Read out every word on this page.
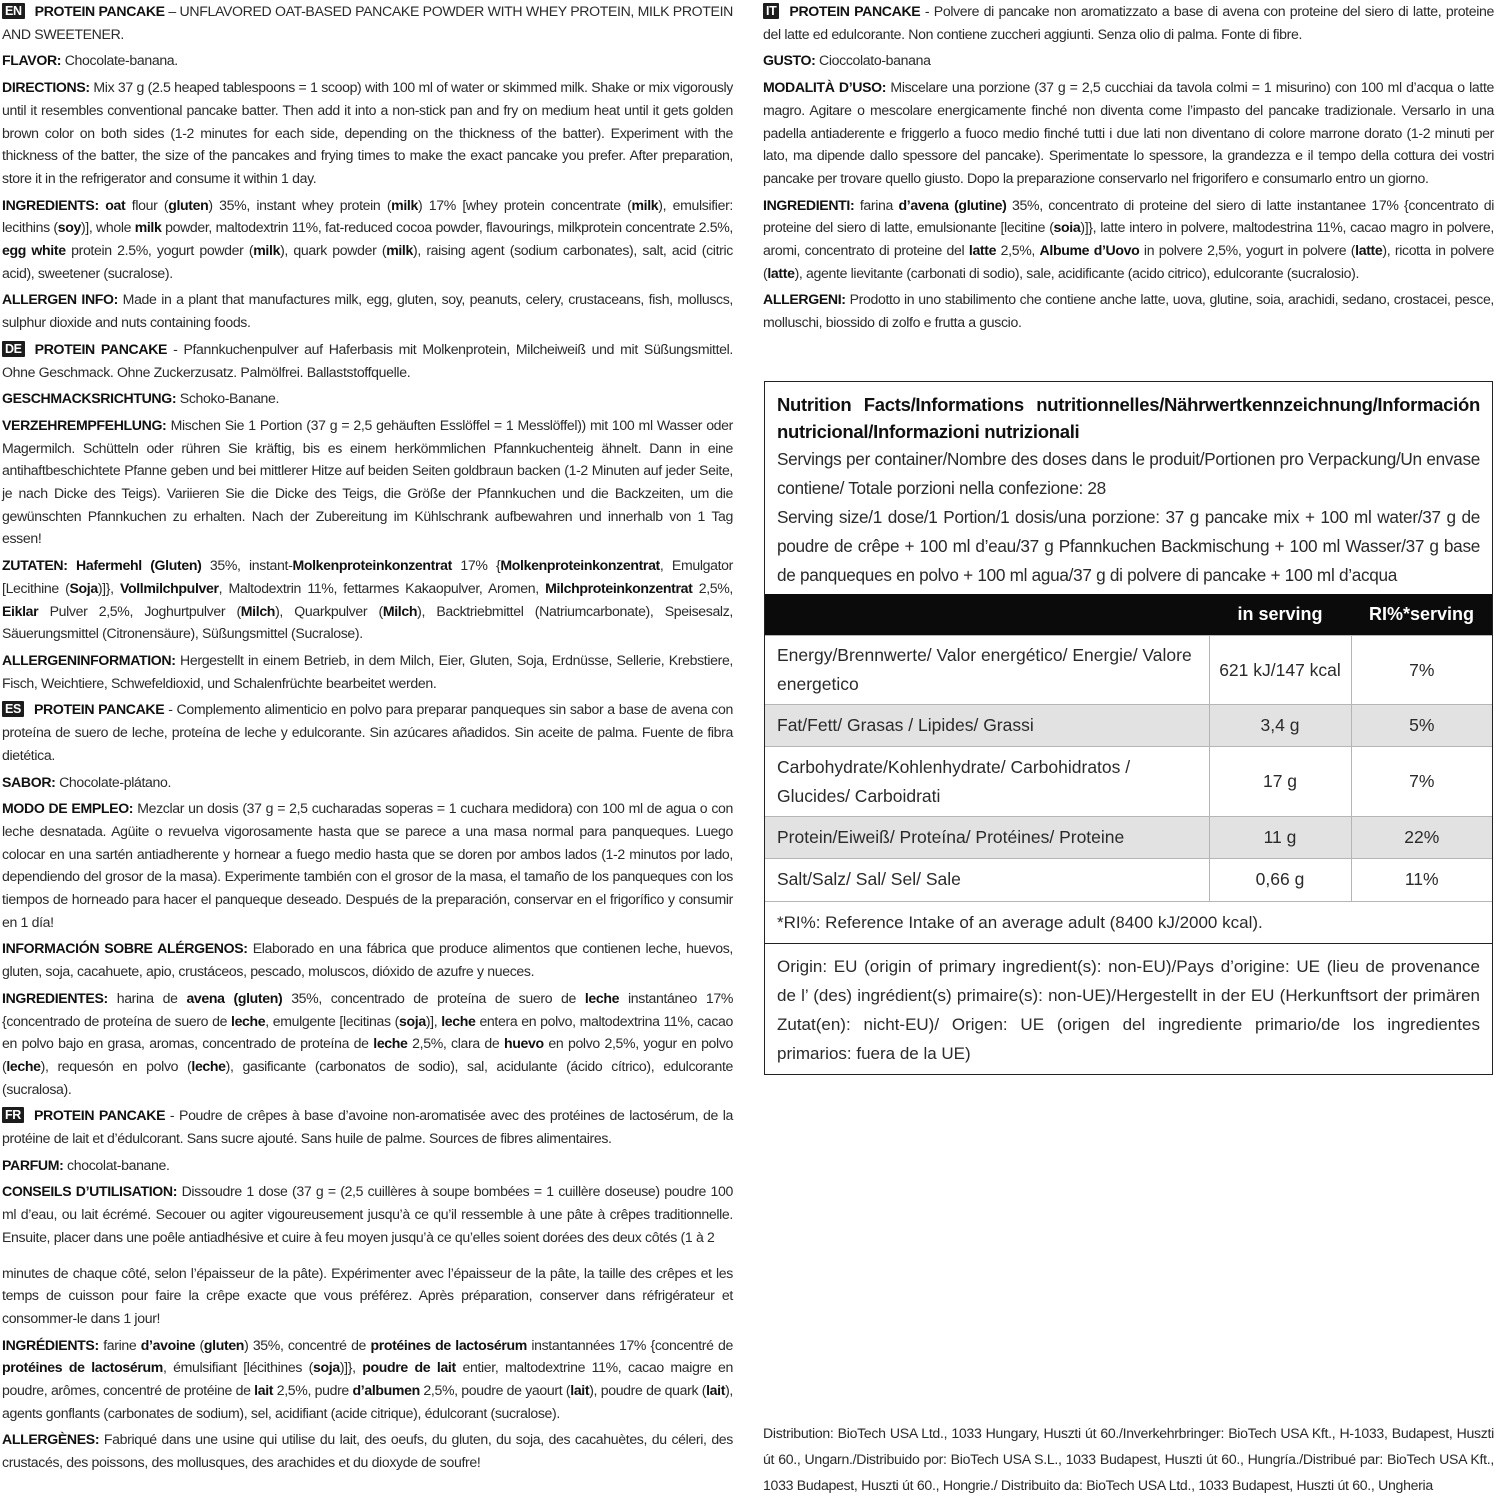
EN PROTEIN PANCAKE – UNFLAVORED OAT-BASED PANCAKE POWDER WITH WHEY PROTEIN, MILK PROTEIN AND SWEETENER.

FLAVOR: Chocolate-banana.

DIRECTIONS: Mix 37 g (2.5 heaped tablespoons = 1 scoop) with 100 ml of water or skimmed milk. Shake or mix vigorously until it resembles conventional pancake batter. Then add it into a non-stick pan and fry on medium heat until it gets golden brown color on both sides (1-2 minutes for each side, depending on the thickness of the batter). Experiment with the thickness of the batter, the size of the pancakes and frying times to make the exact pancake you prefer. After preparation, store it in the refrigerator and consume it within 1 day.

INGREDIENTS: oat flour (gluten) 35%, instant whey protein (milk) 17% [whey protein concentrate (milk), emulsifier: lecithins (soy)], whole milk powder, maltodextrin 11%, fat-reduced cocoa powder, flavourings, milkprotein concentrate 2.5%, egg white protein 2.5%, yogurt powder (milk), quark powder (milk), raising agent (sodium carbonates), salt, acid (citric acid), sweetener (sucralose).

ALLERGEN INFO: Made in a plant that manufactures milk, egg, gluten, soy, peanuts, celery, crustaceans, fish, molluscs, sulphur dioxide and nuts containing foods.

DE PROTEIN PANCAKE - Pfannkuchenpulver auf Haferbasis mit Molkenprotein, Milcheiweiß und mit Süßungsmittel. Ohne Geschmack. Ohne Zuckerzusatz. Palmölfrei. Ballaststoffquelle.

GESCHMACKSRICHTUNG: Schoko-Banane.

VERZEHREMPFEHLUNG: Mischen Sie 1 Portion (37 g = 2,5 gehäuften Esslöffel = 1 Messlöffel)) mit 100 ml Wasser oder Magermilch. Schütteln oder rühren Sie kräftig, bis es einem herkömmlichen Pfannkuchenteig ähnelt. Dann in eine antihaftbeschichtete Pfanne geben und bei mittlerer Hitze auf beiden Seiten goldbraun backen (1-2 Minuten auf jeder Seite, je nach Dicke des Teigs). Variieren Sie die Dicke des Teigs, die Größe der Pfannkuchen und die Backzeiten, um die gewünschten Pfannkuchen zu erhalten. Nach der Zubereitung im Kühlschrank aufbewahren und innerhalb von 1 Tag essen!

ZUTATEN: Hafermehl (Gluten) 35%, instant-Molkenproteinkonzentrat 17% {Molkenproteinkonzentrat, Emulgator [Lecithine (Soja)]}, Vollmilchpulver, Maltodextrin 11%, fettarmes Kakaopulver, Aromen, Milchproteinkonzentrat 2,5%, Eiklar Pulver 2,5%, Joghurtpulver (Milch), Quarkpulver (Milch), Backtriebmittel (Natriumcarbonate), Speisesalz, Säuerungsmittel (Citronensäure), Süßungsmittel (Sucralose).

ALLERGENINFORMATION: Hergestellt in einem Betrieb, in dem Milch, Eier, Gluten, Soja, Erdnüsse, Sellerie, Krebstiere, Fisch, Weichtiere, Schwefeldioxid, und Schalenfrüchte bearbeitet werden.

ES PROTEIN PANCAKE - Complemento alimenticio en polvo para preparar panqueques sin sabor a base de avena con proteína de suero de leche, proteína de leche y edulcorante. Sin azúcares añadidos. Sin aceite de palma. Fuente de fibra dietética.

SABOR: Chocolate-plátano.

MODO DE EMPLEO: Mezclar un dosis (37 g = 2,5 cucharadas soperas = 1 cuchara medidora) con 100 ml de agua o con leche desnatada. Agüite o revuelva vigorosamente hasta que se parece a una masa normal para panqueques. Luego colocar en una sartén antiadherente y hornear a fuego medio hasta que se doren por ambos lados (1-2 minutos por lado, dependiendo del grosor de la masa). Experimente también con el grosor de la masa, el tamaño de los panqueques con los tiempos de horneado para hacer el panqueque deseado. Después de la preparación, conservar en el frigorífico y consumir en 1 día!

INFORMACIÓN SOBRE ALÉRGENOS: Elaborado en una fábrica que produce alimentos que contienen leche, huevos, gluten, soja, cacahuete, apio, crustáceos, pescado, moluscos, dióxido de azufre y nueces.

INGREDIENTES: harina de avena (gluten) 35%, concentrado de proteína de suero de leche instantáneo 17% {concentrado de proteína de suero de leche, emulgente [lecitinas (soja)], leche entera en polvo, maltodextrina 11%, cacao en polvo bajo en grasa, aromas, concentrado de proteína de leche 2,5%, clara de huevo en polvo 2,5%, yogur en polvo (leche), requesón en polvo (leche), gasificante (carbonatos de sodio), sal, acidulante (ácido cítrico), edulcorante (sucralosa).

FR PROTEIN PANCAKE - Poudre de crêpes à base d’avoine non-aromatisée avec des protéines de lactosérum, de la protéine de lait et d’édulcorant. Sans sucre ajouté. Sans huile de palme. Sources de fibres alimentaires.

PARFUM: chocolat-banane.

CONSEILS D’UTILISATION: Dissoudre 1 dose (37 g = (2,5 cuillères à soupe bombées = 1 cuillère doseuse) poudre 100 ml d’eau, ou lait écrémé. Secouer ou agiter vigoureusement jusqu’à ce qu’il ressemble à une pâte à crêpes traditionnelle. Ensuite, placer dans une poêle antiadhésive et cuire à feu moyen jusqu’à ce qu’elles soient dorées des deux côtés (1 à 2

minutes de chaque côté, selon l’épaisseur de la pâte). Expérimenter avec l’épaisseur de la pâte, la taille des crêpes et les temps de cuisson pour faire la crêpe exacte que vous préférez. Après préparation, conserver dans réfrigérateur et consommer-le dans 1 jour!

INGRÉDIENTS: farine d’avoine (gluten) 35%, concentré de protéines de lactosérum instantannées 17% {concentré de protéines de lactosérum, émulsifiant [lécithines (soja)]}, poudre de lait entier, maltodextrine 11%, cacao maigre en poudre, arômes, concentré de protéine de lait 2,5%, pudre d’albumen 2,5%, poudre de yaourt (lait), poudre de quark (lait), agents gonflants (carbonates de sodium), sel, acidifiant (acide citrique), édulcorant (sucralose).

ALLERGÈNES: Fabriqué dans une usine qui utilise du lait, des oeufs, du gluten, du soja, des cacahuètes, du céleri, des crustacés, des poissons, des mollusques, des arachides et du dioxyde de soufre!

IT PROTEIN PANCAKE - Polvere di pancake non aromatizzato a base di avena con proteine del siero di latte, proteine del latte ed edulcorante. Non contiene zuccheri aggiunti. Senza olio di palma. Fonte di fibre.

GUSTO: Cioccolato-banana

MODALITÀ D’USO: Miscelare una porzione (37 g = 2,5 cucchiai da tavola colmi = 1 misurino) con 100 ml d’acqua o latte magro. Agitare o mescolare energicamente finché non diventa come l’impasto del pancake tradizionale. Versarlo in una padella antiaderente e friggerlo a fuoco medio finché tutti i due lati non diventano di colore marrone dorato (1-2 minuti per lato, ma dipende dallo spessore del pancake). Sperimentate lo spessore, la grandezza e il tempo della cottura dei vostri pancake per trovare quello giusto. Dopo la preparazione conservarlo nel frigorifero e consumarlo entro un giorno.

INGREDIENTI: farina d’avena (glutine) 35%, concentrato di proteine del siero di latte instantanee 17% {concentrato di proteine del siero di latte, emulsionante [lecitine (soia)]}, latte intero in polvere, maltodestrina 11%, cacao magro in polvere, aromi, concentrato di proteine del latte 2,5%, Albume d’Uovo in polvere 2,5%, yogurt in polvere (latte), ricotta in polvere (latte), agente lievitante (carbonati di sodio), sale, acidificante (acido citrico), edulcorante (sucralosio).

ALLERGENI: Prodotto in uno stabilimento che contiene anche latte, uova, glutine, soia, arachidi, sedano, crostacei, pesce, molluschi, biossido di zolfo e frutta a guscio.

Nutrition Facts/Informations nutritionnelles/Nährwertkennzeichnung/Información nutricional/Informazioni nutrizionali

Servings per container/Nombre des doses dans le produit/Portionen pro Verpackung/Un envase contiene/ Totale porzioni nella confezione: 28

Serving size/1 dose/1 Portion/1 dosis/una porzione: 37 g pancake mix + 100 ml water/37 g de poudre de crêpe + 100 ml d’eau/37 g Pfannkuchen Backmischung + 100 ml Wasser/37 g base de panqueques en polvo + 100 ml agua/37 g di polvere di pancake + 100 ml d’acqua

	in serving	RI%*serving
Energy/Brennwerte/ Valor energético/ Energie/ Valore energetico	621 kJ/147 kcal	7%
Fat/Fett/ Grasas / Lipides/ Grassi	3,4 g	5%
Carbohydrate/Kohlenhydrate/ Carbohidratos / Glucides/ Carboidrati	17 g	7%
Protein/Eiweiß/ Proteína/ Protéines/ Proteine	11 g	22%
Salt/Salz/ Sal/ Sel/ Sale	0,66 g	11%
*RI%: Reference Intake of an average adult (8400 kJ/2000 kcal).
Origin: EU (origin of primary ingredient(s): non-EU)/Pays d’origine: UE (lieu de provenance de l’ (des) ingrédient(s) primaire(s): non-UE)/Hergestellt in der EU (Herkunftsort der primären Zutat(en): nicht-EU)/ Origen: UE (origen del ingrediente primario/de los ingredientes primarios: fuera de la UE)

Distribution: BioTech USA Ltd., 1033 Hungary, Huszti út 60./Inverkehrbringer: BioTech USA Kft., H-1033, Budapest, Huszti út 60., Ungarn./Distribuido por: BioTech USA S.L., 1033 Budapest, Huszti út 60., Hungría./Distribué par: BioTech USA Kft., 1033 Budapest, Huszti út 60., Hongrie./ Distribuito da: BioTech USA Ltd., 1033 Budapest, Huszti út 60., Ungheria
